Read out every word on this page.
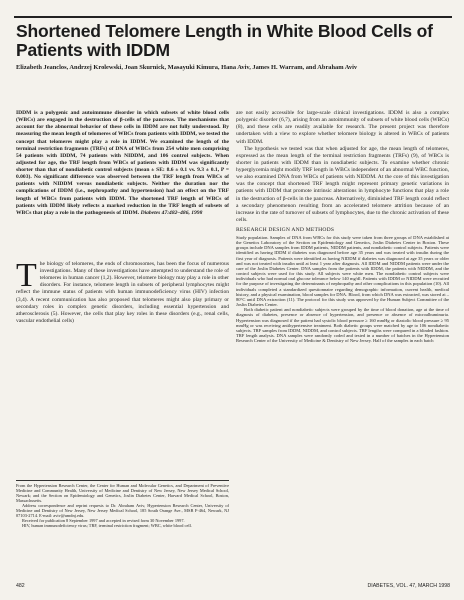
Shortened Telomere Length in White Blood Cells of Patients with IDDM
Elizabeth Jeanclos, Andrzej Krolewski, Joan Skurnick, Masayuki Kimura, Hana Aviv, James H. Warram, and Abraham Aviv

IDDM is a polygenic and autoimmune disorder in which subsets of white blood cells (WBCs) are engaged in the destruction of β-cells of the pancreas. The mechanisms that account for the abnormal behavior of these cells in IDDM are not fully understood. By measuring the mean length of telomeres of WBCs from patients with IDDM, we tested the concept that telomeres might play a role in IDDM. We examined the length of the terminal restriction fragments (TRFs) of DNA of WBCs from 254 white men comprising 54 patients with IDDM, 74 patients with NIDDM, and 106 control subjects. When adjusted for age, the TRF length from WBCs of patients with IDDM was significantly shorter than that of nondiabetic control subjects (mean ± SE: 8.6 ± 0.1 vs. 9.3 ± 0.1, P = 0.003). No significant difference was observed between the TRF length from WBCs of patients with NIDDM versus nondiabetic subjects. Neither the duration nor the complications of IDDM (i.e., nephropathy and hypertension) had an effect on the TRF length of WBCs from patients with IDDM. The shortened TRF length of WBCs of patients with IDDM likely reflects a marked reduction in the TRF length of subsets of WBCs that play a role in the pathogenesis of IDDM. Diabetes 47:482–486, 1998

T he biology of telomeres, the ends of chromosomes, has been the focus of numerous investigations. Many of these investigations have attempted to understand the role of telomeres in human cancer (1,2). However, telomere biology may play a role in other disorders. For instance, telomere length in subsets of peripheral lymphocytes might reflect the immune status of patients with human immunodeficiency virus (HIV) infection (3,4). A recent communication has also proposed that telomeres might also play primary or secondary roles in complex genetic disorders, including essential hypertension and atherosclerosis (5). However, the cells that play key roles in these disorders (e.g., renal cells, vascular endothelial cells)

are not easily accessible for large-scale clinical investigations. IDDM is also a complex polygenic disorder (6,7), arising from an autoimmunity of subsets of white blood cells (WBCs) (8), and these cells are readily available for research. The present project was therefore undertaken with a view to explore whether telomere biology is altered in WBCs of patients with IDDM.

The hypothesis we tested was that when adjusted for age, the mean length of telomeres, expressed as the mean length of the terminal restriction fragments (TRFs) (9), of WBCs is shorter in patients with IDDM than in nondiabetic subjects. To examine whether chronic hyperglycemia might modify TRF length in WBCs independent of an abnormal WBC function, we also examined DNA from WBCs of patients with NIDDM. At the core of this investigation was the concept that shortened TRF length might represent primary genetic variations in patients with IDDM that promote intrinsic alterations in lymphocyte functions that play a role in the destruction of β-cells in the pancreas. Alternatively, diminished TRF length could reflect a secondary phenomenon resulting from an accelerated telomere attrition because of an increase in the rate of turnover of subsets of lymphocytes, due to the chronic activation of these cells.

RESEARCH DESIGN AND METHODS

Study population. Samples of DNA from WBCs for this study were taken from three groups of DNA established at the Genetics Laboratory of the Section on Epidemiology and Genetics, Joslin Diabetes Center in Boston. These groups include DNA samples from IDDM patients, NIDDM patients, and nondiabetic control subjects. Patients were identified as having IDDM if diabetes was diagnosed before age 35 years and was treated with insulin during the first year of diagnosis. Patients were identified as having NIDDM if diabetes was diagnosed at age 35 years or older and was not treated with insulin until at least 1 year after diagnosis. All IDDM and NIDDM patients were under the care of the Joslin Diabetes Center. DNA samples from the patients with IDDM, the patients with NIDDM, and the control subjects were used for this study. All subjects were white men. The nondiabetic control subjects were individuals who had normal oral glucose tolerance below 140 mg/dl. Patients with IDDM or NIDDM were recruited for the purpose of investigating the determinants of nephropathy and other complications in this population (10). All individuals completed a standardized questionnaire regarding demographic information, current health, medical history, and a physical examination, blood samples for DNA. Blood, from which DNA was extracted, was stored at –80°C until DNA extraction (11). The protocol for this study was approved by the Human Subject Committee of the Joslin Diabetes Center.

Both diabetic patient and nondiabetic subjects were grouped by the time of blood donation, age at the time of diagnosis of diabetes, presence or absence of hypertension, and presence or absence of microalbuminuria. Hypertension was diagnosed if the patient had systolic blood pressure ≥ 160 mmHg or diastolic blood pressure ≥ 95 mmHg or was receiving antihypertensive treatment. Both diabetic groups were matched by age to 106 nondiabetic subjects. TRF samples from IDDM, NIDDM, and control subjects. TRF lengths were compared in a blinded fashion. TRF length analysis. DNA samples were randomly coded and tested in a number of batches in the Hypertension Research Center of the University of Medicine & Dentistry of New Jersey. Half of the samples in each batch

From the Hypertension Research Center, the Center for Human and Molecular Genetics, and Department of Preventive Medicine and Community Health, University of Medicine and Dentistry of New Jersey, New Jersey Medical School, Newark; and the Section on Epidemiology and Genetics, Joslin Diabetes Center, Harvard Medical School, Boston, Massachusetts.

Address correspondence and reprint requests to Dr. Abraham Aviv, Hypertension Research Center, University of Medicine and Dentistry of New Jersey, New Jersey Medical School, 185 South Orange Ave., MSB F-464, Newark, NJ 07103-2714. E-mail: aviv@umdnj.edu.

Received for publication 8 September 1997 and accepted in revised form 30 November 1997.

HIV, human immunodeficiency virus; TRF, terminal restriction fragment; WBC, white blood cell.

482	DIABETES, VOL. 47, MARCH 1998
